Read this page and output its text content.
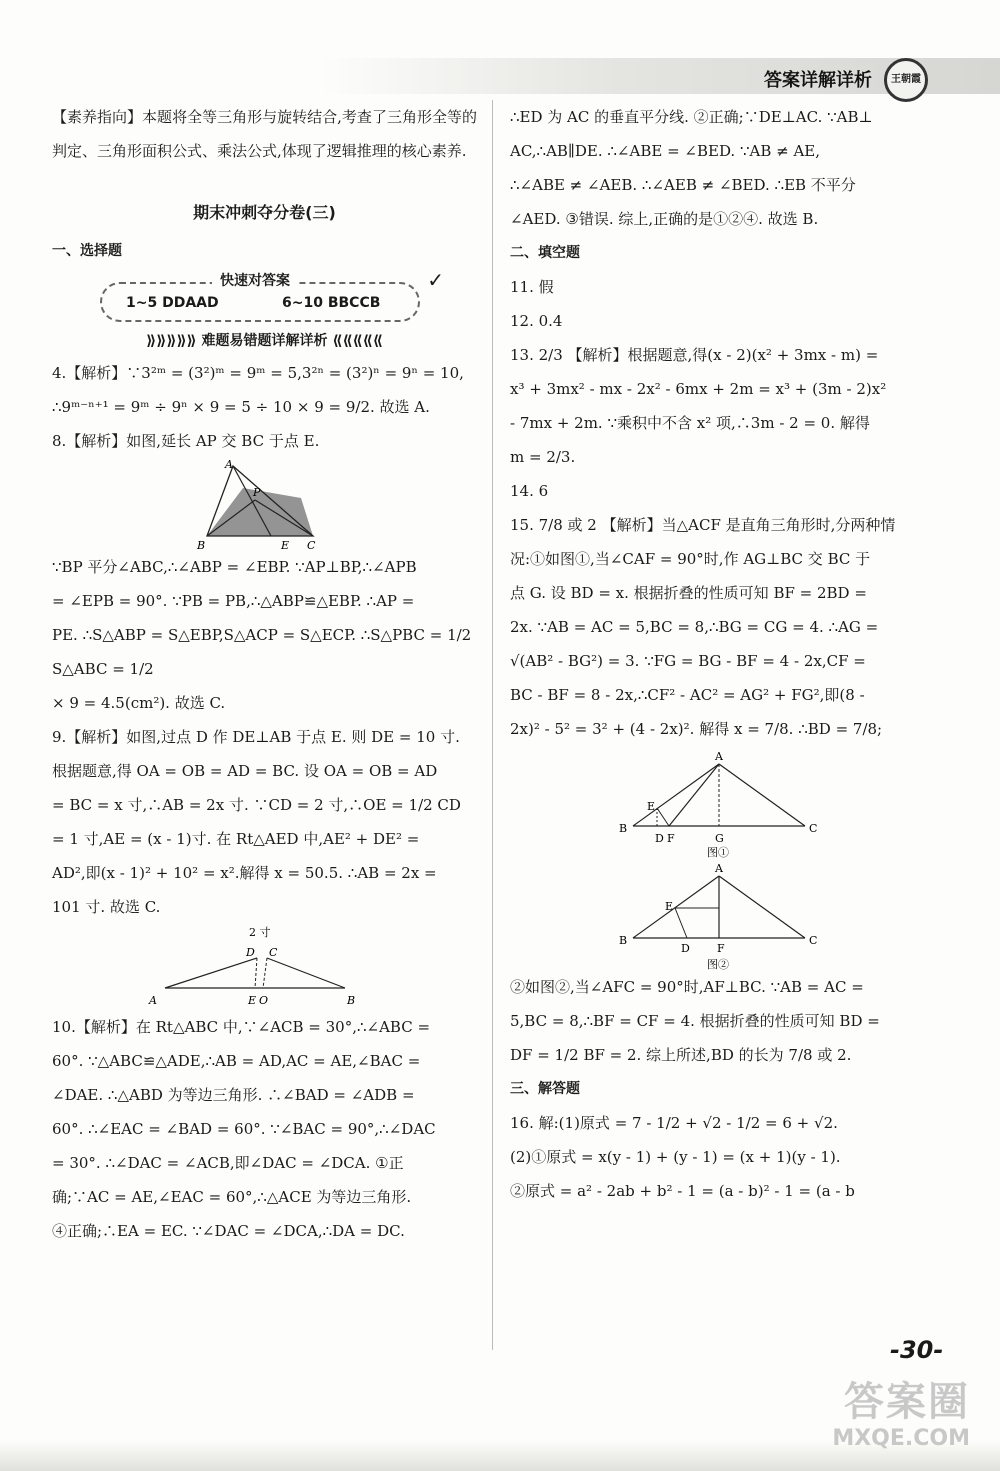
答案详解详析	王朝霞

【素养指向】本题将全等三角形与旋转结合,考查了三角形全等的判定、三角形面积公式、乘法公式,体现了逻辑推理的核心素养.

期末冲刺夺分卷(三)
一、选择题
快速对答案
1~5 DDAAD	6~10 BBCCB
✓
⟫⟫⟫⟫⟫ 难题易错题详解详析 ⟪⟪⟪⟪⟪

4.【解析】∵3²ᵐ = (3²)ᵐ = 9ᵐ = 5,3²ⁿ = (3²)ⁿ = 9ⁿ = 10,

∴9ᵐ⁻ⁿ⁺¹ = 9ᵐ ÷ 9ⁿ × 9 = 5 ÷ 10 × 9 = 9/2. 故选 A.

8.【解析】如图,延长 AP 交 BC 于点 E.

A
B	C
E
P

∵BP 平分∠ABC,∴∠ABP = ∠EBP. ∵AP⊥BP,∴∠APB

= ∠EPB = 90°. ∵PB = PB,∴△ABP≌△EBP. ∴AP =

PE. ∴S△ABP = S△EBP,S△ACP = S△ECP. ∴S△PBC = 1/2 S△ABC = 1/2

× 9 = 4.5(cm²). 故选 C.

9.【解析】如图,过点 D 作 DE⊥AB 于点 E. 则 DE = 10 寸.

根据题意,得 OA = OB = AD = BC. 设 OA = OB = AD

= BC = x 寸,∴AB = 2x 寸. ∵CD = 2 寸,∴OE = 1/2 CD

= 1 寸,AE = (x - 1)寸. 在 Rt△AED 中,AE² + DE² =

AD²,即(x - 1)² + 10² = x².解得 x = 50.5. ∴AB = 2x =

101 寸. 故选 C.

2 寸
D C
A	E O	B

10.【解析】在 Rt△ABC 中,∵∠ACB = 30°,∴∠ABC =

60°. ∵△ABC≌△ADE,∴AB = AD,AC = AE,∠BAC =

∠DAE. ∴△ABD 为等边三角形. ∴∠BAD = ∠ADB =

60°. ∴∠EAC = ∠BAD = 60°. ∵∠BAC = 90°,∴∠DAC

= 30°. ∴∠DAC = ∠ACB,即∠DAC = ∠DCA. ①正

确;∵AC = AE,∠EAC = 60°,∴△ACE 为等边三角形.

④正确;∴EA = EC. ∵∠DAC = ∠DCA,∴DA = DC.

∴ED 为 AC 的垂直平分线. ②正确;∵DE⊥AC. ∵AB⊥

AC,∴AB∥DE. ∴∠ABE = ∠BED. ∵AB ≠ AE,

∴∠ABE ≠ ∠AEB. ∴∠AEB ≠ ∠BED. ∴EB 不平分

∠AED. ③错误. 综上,正确的是①②④. 故选 B.

二、填空题

11. 假

12. 0.4

13. 2/3 【解析】根据题意,得(x - 2)(x² + 3mx - m) =

x³ + 3mx² - mx - 2x² - 6mx + 2m = x³ + (3m - 2)x²

- 7mx + 2m. ∵乘积中不含 x² 项,∴3m - 2 = 0. 解得

m = 2/3.

14. 6

15. 7/8 或 2 【解析】当△ACF 是直角三角形时,分两种情

况:①如图①,当∠CAF = 90°时,作 AG⊥BC 交 BC 于

点 G. 设 BD = x. 根据折叠的性质可知 BF = 2BD =

2x. ∵AB = AC = 5,BC = 8,∴BG = CG = 4. ∴AG =

√(AB² - BG²) = 3. ∵FG = BG - BF = 4 - 2x,CF =

BC - BF = 8 - 2x,∴CF² - AC² = AG² + FG²,即(8 -

2x)² - 5² = 3² + (4 - 2x)². 解得 x = 7/8. ∴BD = 7/8;

A
B	C
E
D F	G
图①
A
B	C
E
D F
图②

②如图②,当∠AFC = 90°时,AF⊥BC. ∵AB = AC =

5,BC = 8,∴BF = CF = 4. 根据折叠的性质可知 BD =

DF = 1/2 BF = 2. 综上所述,BD 的长为 7/8 或 2.

三、解答题

16. 解:(1)原式 = 7 - 1/2 + √2 - 1/2 = 6 + √2.

(2)①原式 = x(y - 1) + (y - 1) = (x + 1)(y - 1).

②原式 = a² - 2ab + b² - 1 = (a - b)² - 1 = (a - b

-30-
答案圈
MXQE.COM
